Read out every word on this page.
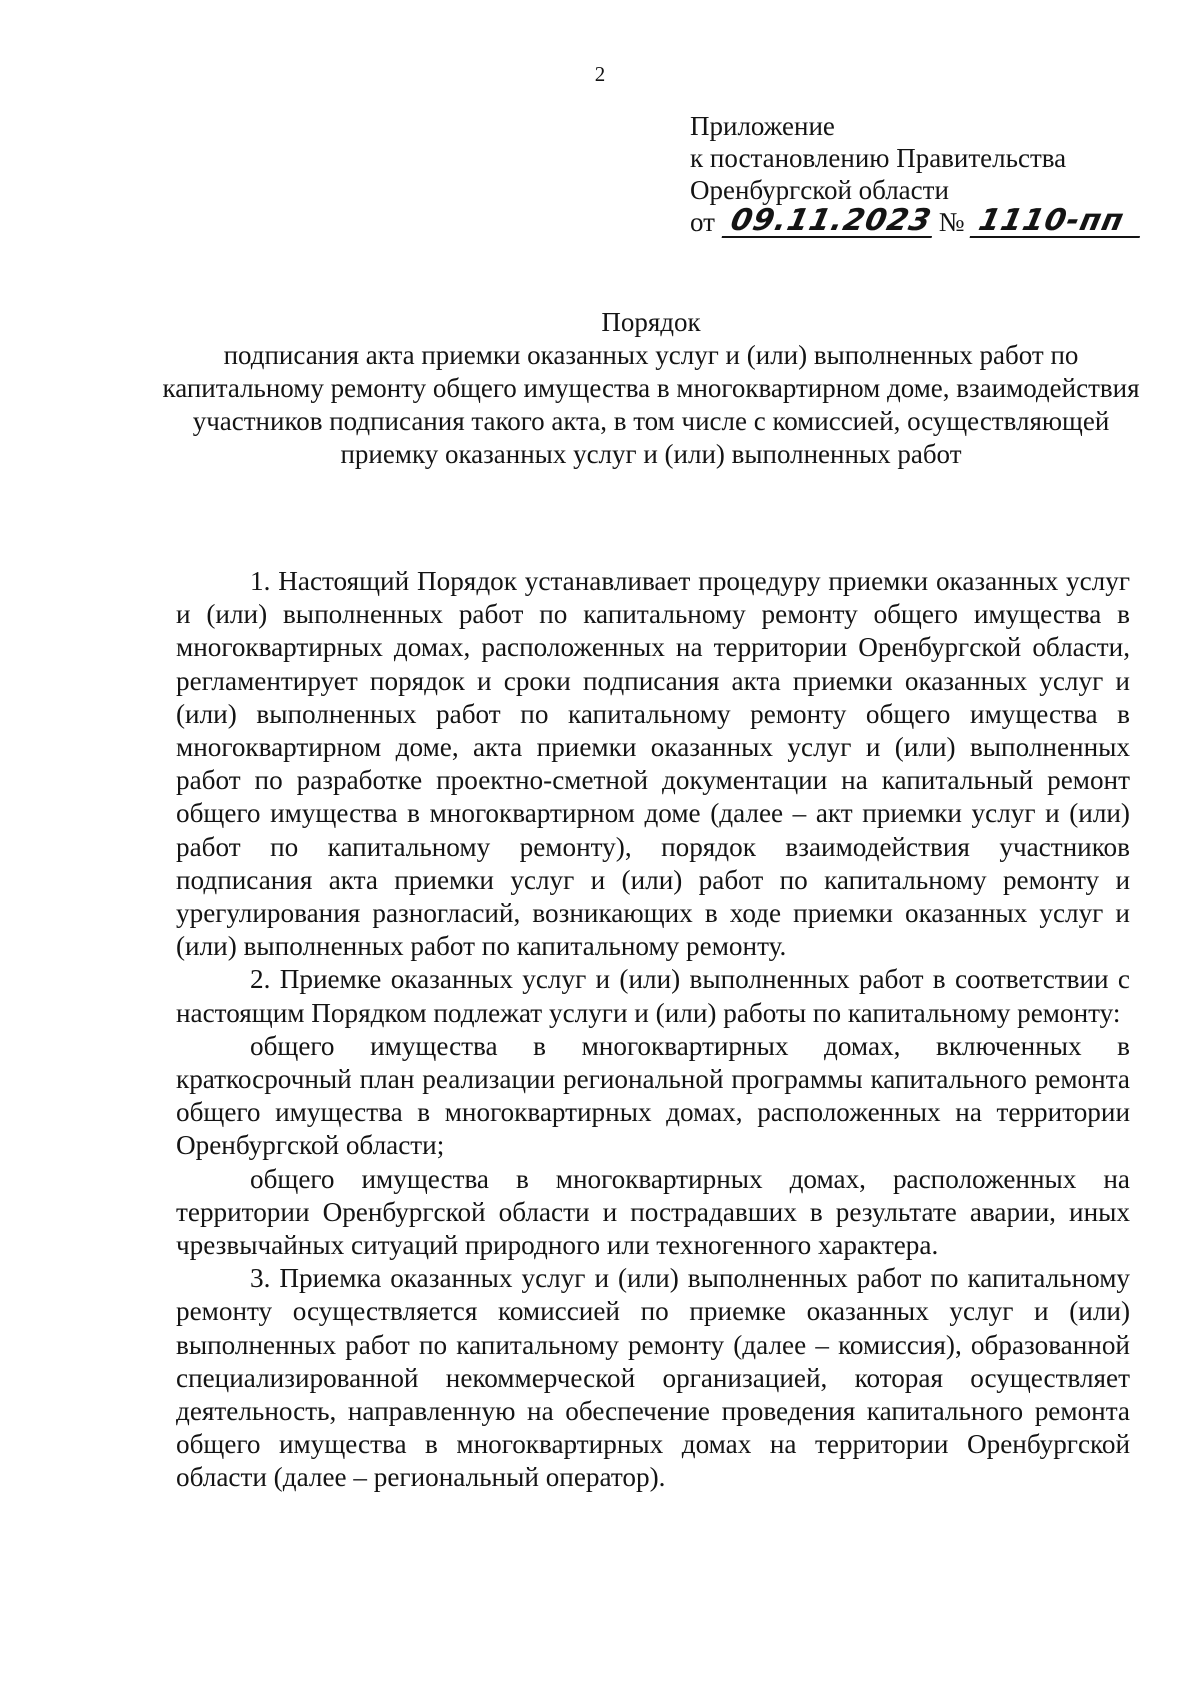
2
Приложение
к постановлению Правительства
Оренбургской области
от 09.11.2023 № 1110-пп
Порядок
подписания акта приемки оказанных услуг и (или) выполненных работ по капитальному ремонту общего имущества в многоквартирном доме, взаимодействия участников подписания такого акта, в том числе с комиссией, осуществляющей приемку оказанных услуг и (или) выполненных работ

1. Настоящий Порядок устанавливает процедуру приемки оказанных услуг и (или) выполненных работ по капитальному ремонту общего имущества в многоквартирных домах, расположенных на территории Оренбургской области, регламентирует порядок и сроки подписания акта приемки оказанных услуг и (или) выполненных работ по капитальному ремонту общего имущества в многоквартирном доме, акта приемки оказанных услуг и (или) выполненных работ по разработке проектно-сметной документации на капитальный ремонт общего имущества в многоквартирном доме (далее – акт приемки услуг и (или) работ по капитальному ремонту), порядок взаимодействия участников подписания акта приемки услуг и (или) работ по капитальному ремонту и урегулирования разногласий, возникающих в ходе приемки оказанных услуг и (или) выполненных работ по капитальному ремонту.

2. Приемке оказанных услуг и (или) выполненных работ в соответствии с настоящим Порядком подлежат услуги и (или) работы по капитальному ремонту:

общего имущества в многоквартирных домах, включенных в краткосрочный план реализации региональной программы капитального ремонта общего имущества в многоквартирных домах, расположенных на территории Оренбургской области;

общего имущества в многоквартирных домах, расположенных на территории Оренбургской области и пострадавших в результате аварии, иных чрезвычайных ситуаций природного или техногенного характера.

3. Приемка оказанных услуг и (или) выполненных работ по капитальному ремонту осуществляется комиссией по приемке оказанных услуг и (или) выполненных работ по капитальному ремонту (далее – комиссия), образованной специализированной некоммерческой организацией, которая осуществляет деятельность, направленную на обеспечение проведения капитального ремонта общего имущества в многоквартирных домах на территории Оренбургской области (далее – региональный оператор).
